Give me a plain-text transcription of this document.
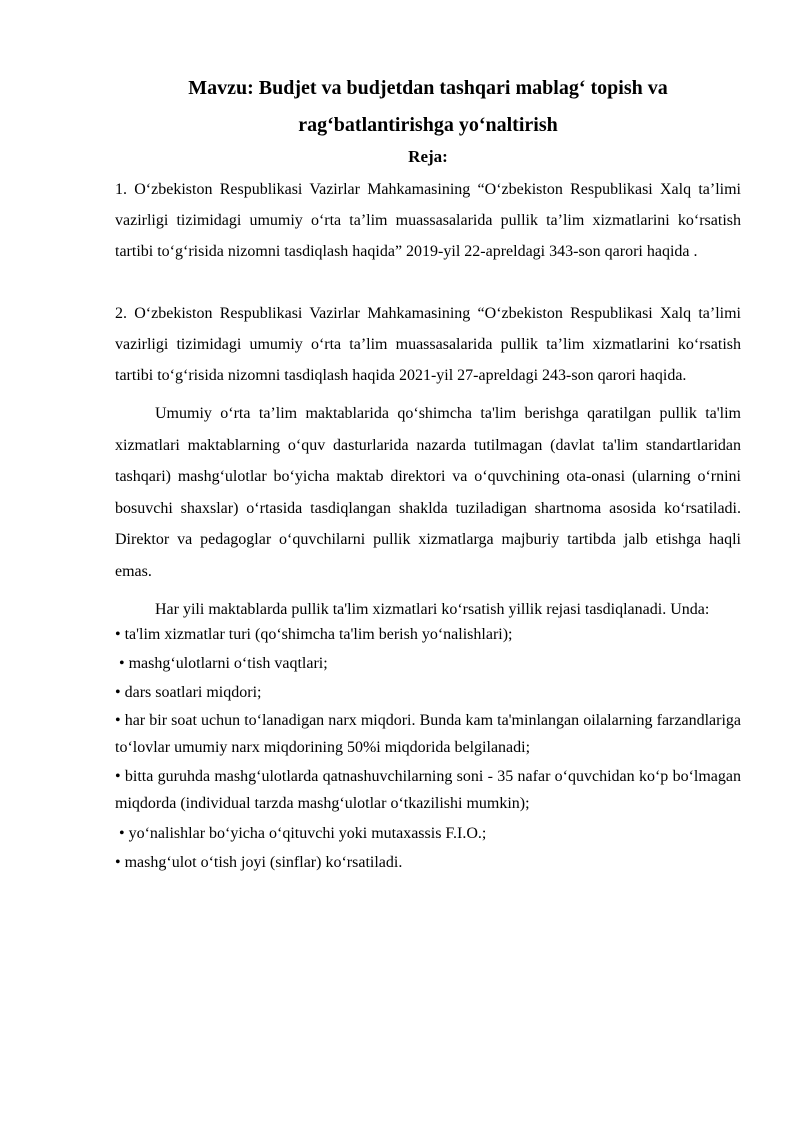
Mavzu: Budjet va budjetdan tashqari mablag‘ topish va rag‘batlantirishga yo‘naltirish
Reja:

1. O‘zbekiston Respublikasi Vazirlar Mahkamasining “O‘zbekiston Respublikasi Xalq ta’limi vazirligi tizimidagi umumiy o‘rta ta’lim muassasalarida pullik ta’lim xizmatlarini ko‘rsatish tartibi to‘g‘risida nizomni tasdiqlash haqida” 2019-yil 22-apreldagi 343-son qarori haqida .

2. O‘zbekiston Respublikasi Vazirlar Mahkamasining “O‘zbekiston Respublikasi Xalq ta’limi vazirligi tizimidagi umumiy o‘rta ta’lim muassasalarida pullik ta’lim xizmatlarini ko‘rsatish tartibi to‘g‘risida nizomni tasdiqlash haqida 2021-yil 27-apreldagi 243-son qarori haqida.

Umumiy o‘rta ta’lim maktablarida qo‘shimcha ta'lim berishga qaratilgan pullik ta'lim xizmatlari maktablarning o‘quv dasturlarida nazarda tutilmagan (davlat ta'lim standartlaridan tashqari) mashg‘ulotlar bo‘yicha maktab direktori va o‘quvchining ota-onasi (ularning o‘rnini bosuvchi shaxslar) o‘rtasida tasdiqlangan shaklda tuziladigan shartnoma asosida ko‘rsatiladi. Direktor va pedagoglar o‘quvchilarni pullik xizmatlarga majburiy tartibda jalb etishga haqli emas.

Har yili maktablarda pullik ta'lim xizmatlari ko‘rsatish yillik rejasi tasdiqlanadi. Unda:

• ta'lim xizmatlar turi (qo‘shimcha ta'lim berish yo‘nalishlari);

• mashg‘ulotlarni o‘tish vaqtlari;

• dars soatlari miqdori;

• har bir soat uchun to‘lanadigan narx miqdori. Bunda kam ta'minlangan oilalarning farzandlariga to‘lovlar umumiy narx miqdorining 50%i miqdorida belgilanadi;

• bitta guruhda mashg‘ulotlarda qatnashuvchilarning soni - 35 nafar o‘quvchidan ko‘p bo‘lmagan miqdorda (individual tarzda mashg‘ulotlar o‘tkazilishi mumkin);

• yo‘nalishlar bo‘yicha o‘qituvchi yoki mutaxassis F.I.O.;

• mashg‘ulot o‘tish joyi (sinflar) ko‘rsatiladi.
